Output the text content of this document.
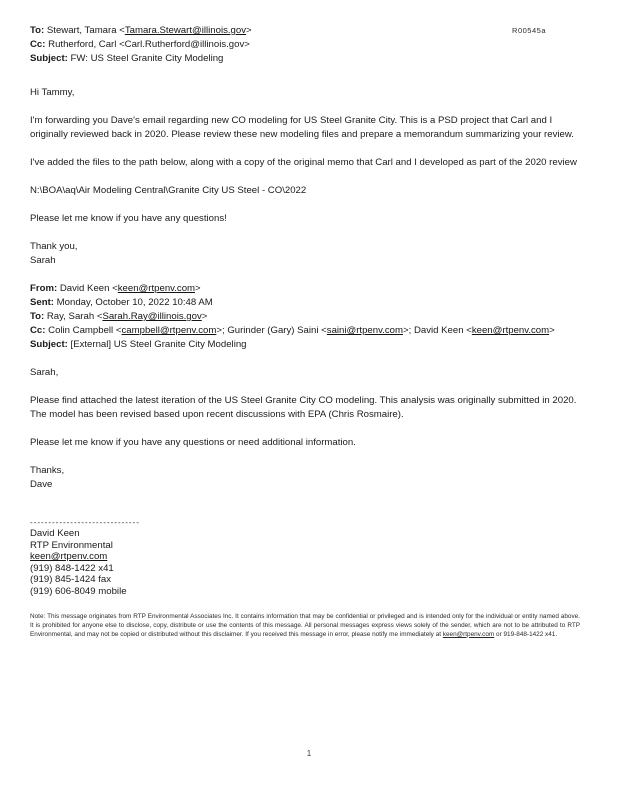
R00545a
To: Stewart, Tamara <Tamara.Stewart@illinois.gov>
Cc: Rutherford, Carl <Carl.Rutherford@illinois.gov>
Subject: FW: US Steel Granite City Modeling
Hi Tammy,
I'm forwarding you Dave's email regarding new CO modeling for US Steel Granite City. This is a PSD project that Carl and I originally reviewed back in 2020. Please review these new modeling files and prepare a memorandum summarizing your review.
I've added the files to the path below, along with a copy of the original memo that Carl and I developed as part of the 2020 review
N:\BOA\aq\Air Modeling Central\Granite City US Steel - CO\2022
Please let me know if you have any questions!
Thank you,
Sarah
From: David Keen <keen@rtpenv.com>
Sent: Monday, October 10, 2022 10:48 AM
To: Ray, Sarah <Sarah.Ray@illinois.gov>
Cc: Colin Campbell <campbell@rtpenv.com>; Gurinder (Gary) Saini <saini@rtpenv.com>; David Keen <keen@rtpenv.com>
Subject: [External] US Steel Granite City Modeling
Sarah,
Please find attached the latest iteration of the US Steel Granite City CO modeling. This analysis was originally submitted in 2020. The model has been revised based upon recent discussions with EPA (Chris Rosmaire).
Please let me know if you have any questions or need additional information.
Thanks,
Dave
------------------------------
David Keen
RTP Environmental
keen@rtpenv.com
(919) 848-1422 x41
(919) 845-1424 fax
(919) 606-8049 mobile
Note: This message originates from RTP Environmental Associates Inc. It contains information that may be confidential or privileged and is intended only for the individual or entity named above. It is prohibited for anyone else to disclose, copy, distribute or use the contents of this message. All personal messages express views solely of the sender, which are not to be attributed to RTP Environmental, and may not be copied or distributed without this disclaimer. If you received this message in error, please notify me immediately at keen@rtpenv.com or 919-848-1422 x41.
1
